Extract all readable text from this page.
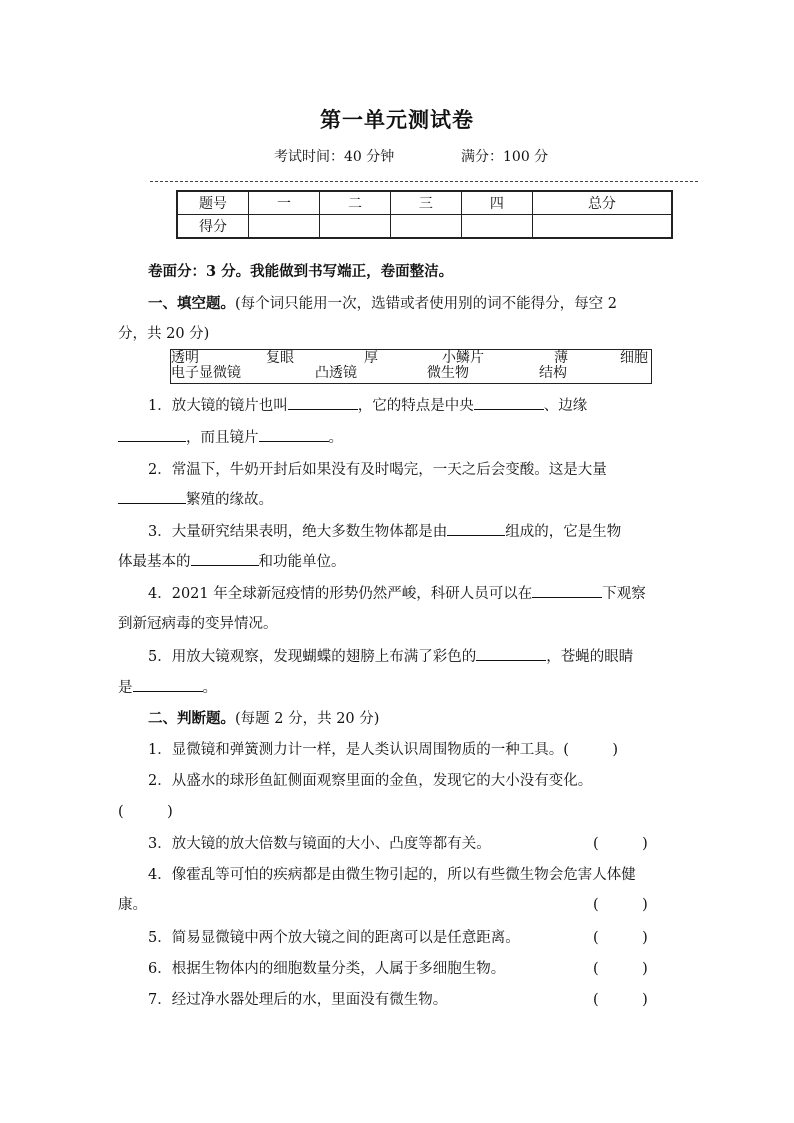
第一单元测试卷
考试时间：40 分钟	满分：100 分
题号	一	二	三	四	总分
得分					
卷面分：3 分。我能做到书写端正，卷面整洁。
一、填空题。(每个词只能用一次，选错或者使用别的词不能得分，每空 2
分，共 20 分)
透明	复眼	厚	小鳞片	薄	细胞
电子显微镜	凸透镜	微生物	结构
1．放大镜的镜片也叫	，它的特点是中央	、边缘
，而且镜片	。
2．常温下，牛奶开封后如果没有及时喝完，一天之后会变酸。这是大量
繁殖的缘故。
3．大量研究结果表明，绝大多数生物体都是由	组成的，它是生物
体最基本的	和功能单位。
4．2021 年全球新冠疫情的形势仍然严峻，科研人员可以在	下观察
到新冠病毒的变异情况。
5．用放大镜观察，发现蝴蝶的翅膀上布满了彩色的	，苍蝇的眼睛
是	。
二、判断题。(每题 2 分，共 20 分)
1．显微镜和弹簧测力计一样，是人类认识周围物质的一种工具。(　　　)
2．从盛水的球形鱼缸侧面观察里面的金鱼，发现它的大小没有变化。
(　　　)
3．放大镜的放大倍数与镜面的大小、凸度等都有关。	(　　　)
4．像霍乱等可怕的疾病都是由微生物引起的，所以有些微生物会危害人体健
康。	(　　　)
5．简易显微镜中两个放大镜之间的距离可以是任意距离。	(　　　)
6．根据生物体内的细胞数量分类，人属于多细胞生物。	(　　　)
7．经过净水器处理后的水，里面没有微生物。	(　　　)
